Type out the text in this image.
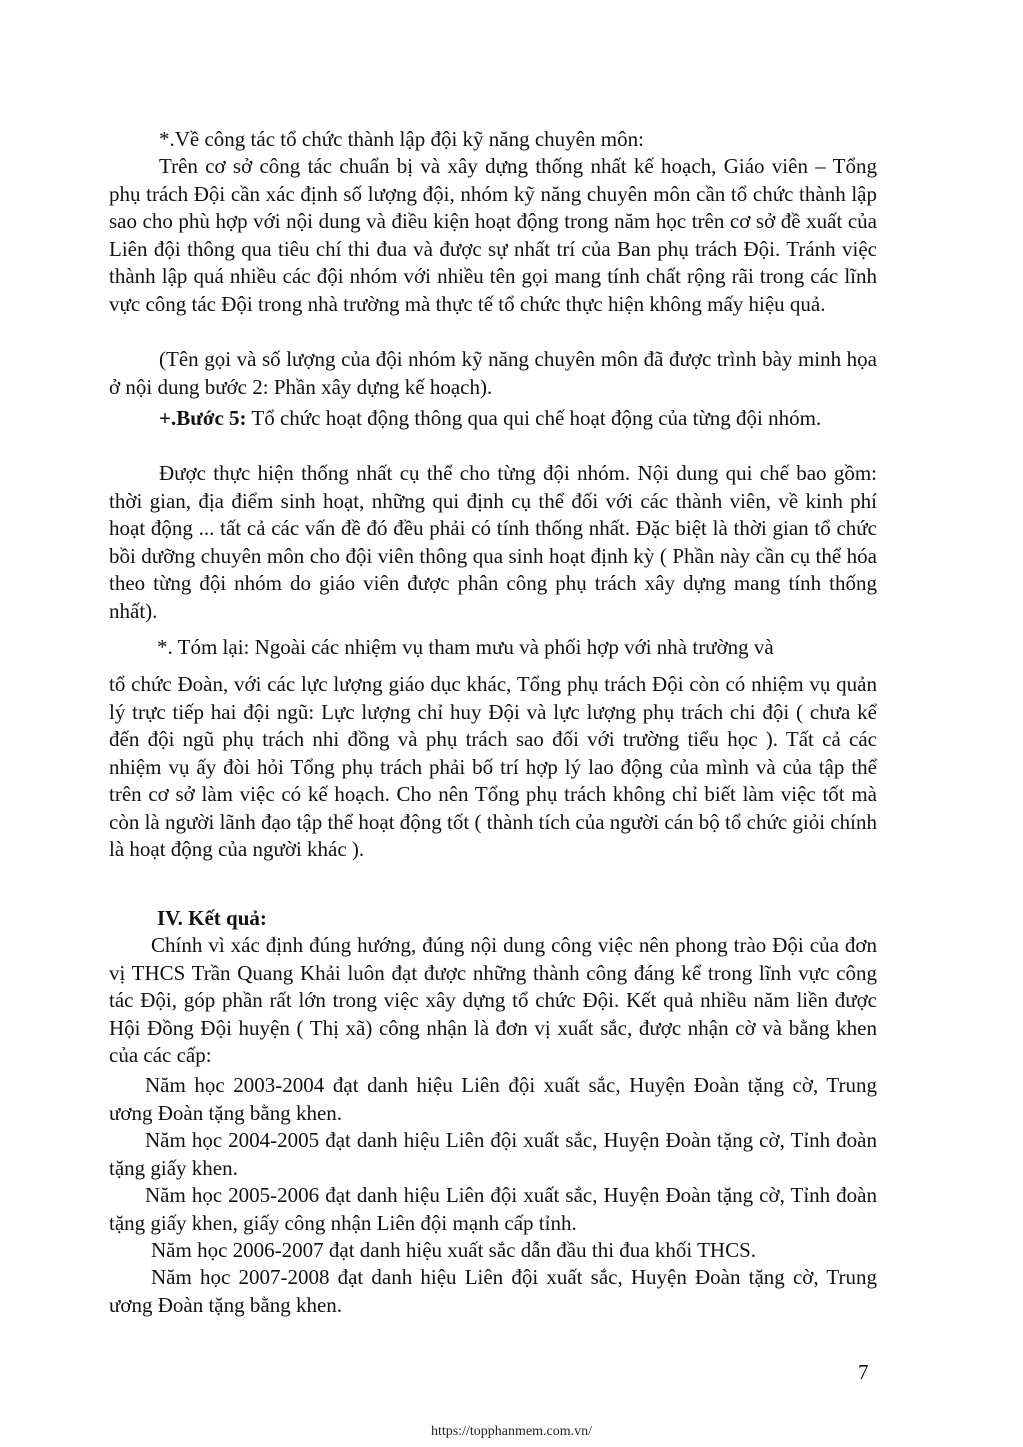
*.Về công tác tổ chức thành lập đội kỹ năng chuyên môn:

Trên cơ sở công tác chuẩn bị và xây dựng thống nhất kế hoạch, Giáo viên – Tổng phụ trách Đội cần xác định số lượng đội, nhóm kỹ năng chuyên môn cần tổ chức thành lập sao cho phù hợp với nội dung và điều kiện hoạt động trong năm học trên cơ sở đề xuất của Liên đội thông qua tiêu chí thi đua và được sự nhất trí của Ban phụ trách Đội. Tránh việc thành lập quá nhiều các đội nhóm với nhiều tên gọi mang tính chất rộng rãi trong các lĩnh vực công tác Đội trong nhà trường mà thực tế tổ chức thực hiện không mấy hiệu quả.

(Tên gọi và số lượng của đội nhóm kỹ năng chuyên môn đã được trình bày minh họa ở nội dung bước 2: Phần xây dựng kế hoạch).

+.Bước 5: Tổ chức hoạt động thông qua qui chế hoạt động của từng đội nhóm.

Được thực hiện thống nhất cụ thể cho từng đội nhóm. Nội dung qui chế bao gồm: thời gian, địa điểm sinh hoạt, những qui định cụ thể đối với các thành viên, về kinh phí hoạt động ... tất cả các vấn đề đó đều phải có tính thống nhất. Đặc biệt là thời gian tổ chức bồi dưỡng chuyên môn cho đội viên thông qua sinh hoạt định kỳ ( Phần này cần cụ thể hóa theo từng đội nhóm do giáo viên được phân công phụ trách xây dựng mang tính thống nhất).

*. Tóm lại: Ngoài các nhiệm vụ tham mưu và phối hợp với nhà trường và

tổ chức Đoàn, với các lực lượng giáo dục khác, Tổng phụ trách Đội còn có nhiệm vụ quản lý trực tiếp hai đội ngũ: Lực lượng chỉ huy Đội và lực lượng phụ trách chi đội ( chưa kể đến đội ngũ phụ trách nhi đồng và phụ trách sao đối với trường tiểu học ). Tất cả các nhiệm vụ ấy đòi hỏi Tổng phụ trách phải bố trí hợp lý lao động của mình và của tập thể trên cơ sở làm việc có kế hoạch. Cho nên Tổng phụ trách không chỉ biết làm việc tốt mà còn là người lãnh đạo tập thể hoạt động tốt ( thành tích của người cán bộ tổ chức giỏi chính là hoạt động của người khác ).

IV. Kết quả:

Chính vì xác định đúng hướng, đúng nội dung công việc nên phong trào Đội của đơn vị THCS Trần Quang Khải luôn đạt được những thành công đáng kể trong lĩnh vực công tác Đội, góp phần rất lớn trong việc xây dựng tổ chức Đội. Kết quả nhiều năm liền được Hội Đồng Đội huyện ( Thị xã) công nhận là đơn vị xuất sắc, được nhận cờ và bằng khen của các cấp:

Năm học 2003-2004 đạt danh hiệu Liên đội xuất sắc, Huyện Đoàn tặng cờ, Trung ương Đoàn tặng bằng khen.

Năm học 2004-2005 đạt danh hiệu Liên đội xuất sắc, Huyện Đoàn tặng cờ, Tỉnh đoàn tặng giấy khen.

Năm học 2005-2006 đạt danh hiệu Liên đội xuất sắc, Huyện Đoàn tặng cờ, Tỉnh đoàn tặng giấy khen, giấy công nhận Liên đội mạnh cấp tỉnh.

Năm học 2006-2007 đạt danh hiệu xuất sắc dẫn đầu thi đua khối THCS.

Năm học 2007-2008 đạt danh hiệu Liên đội xuất sắc, Huyện Đoàn tặng cờ, Trung ương Đoàn tặng bằng khen.

7
https://topphanmem.com.vn/
